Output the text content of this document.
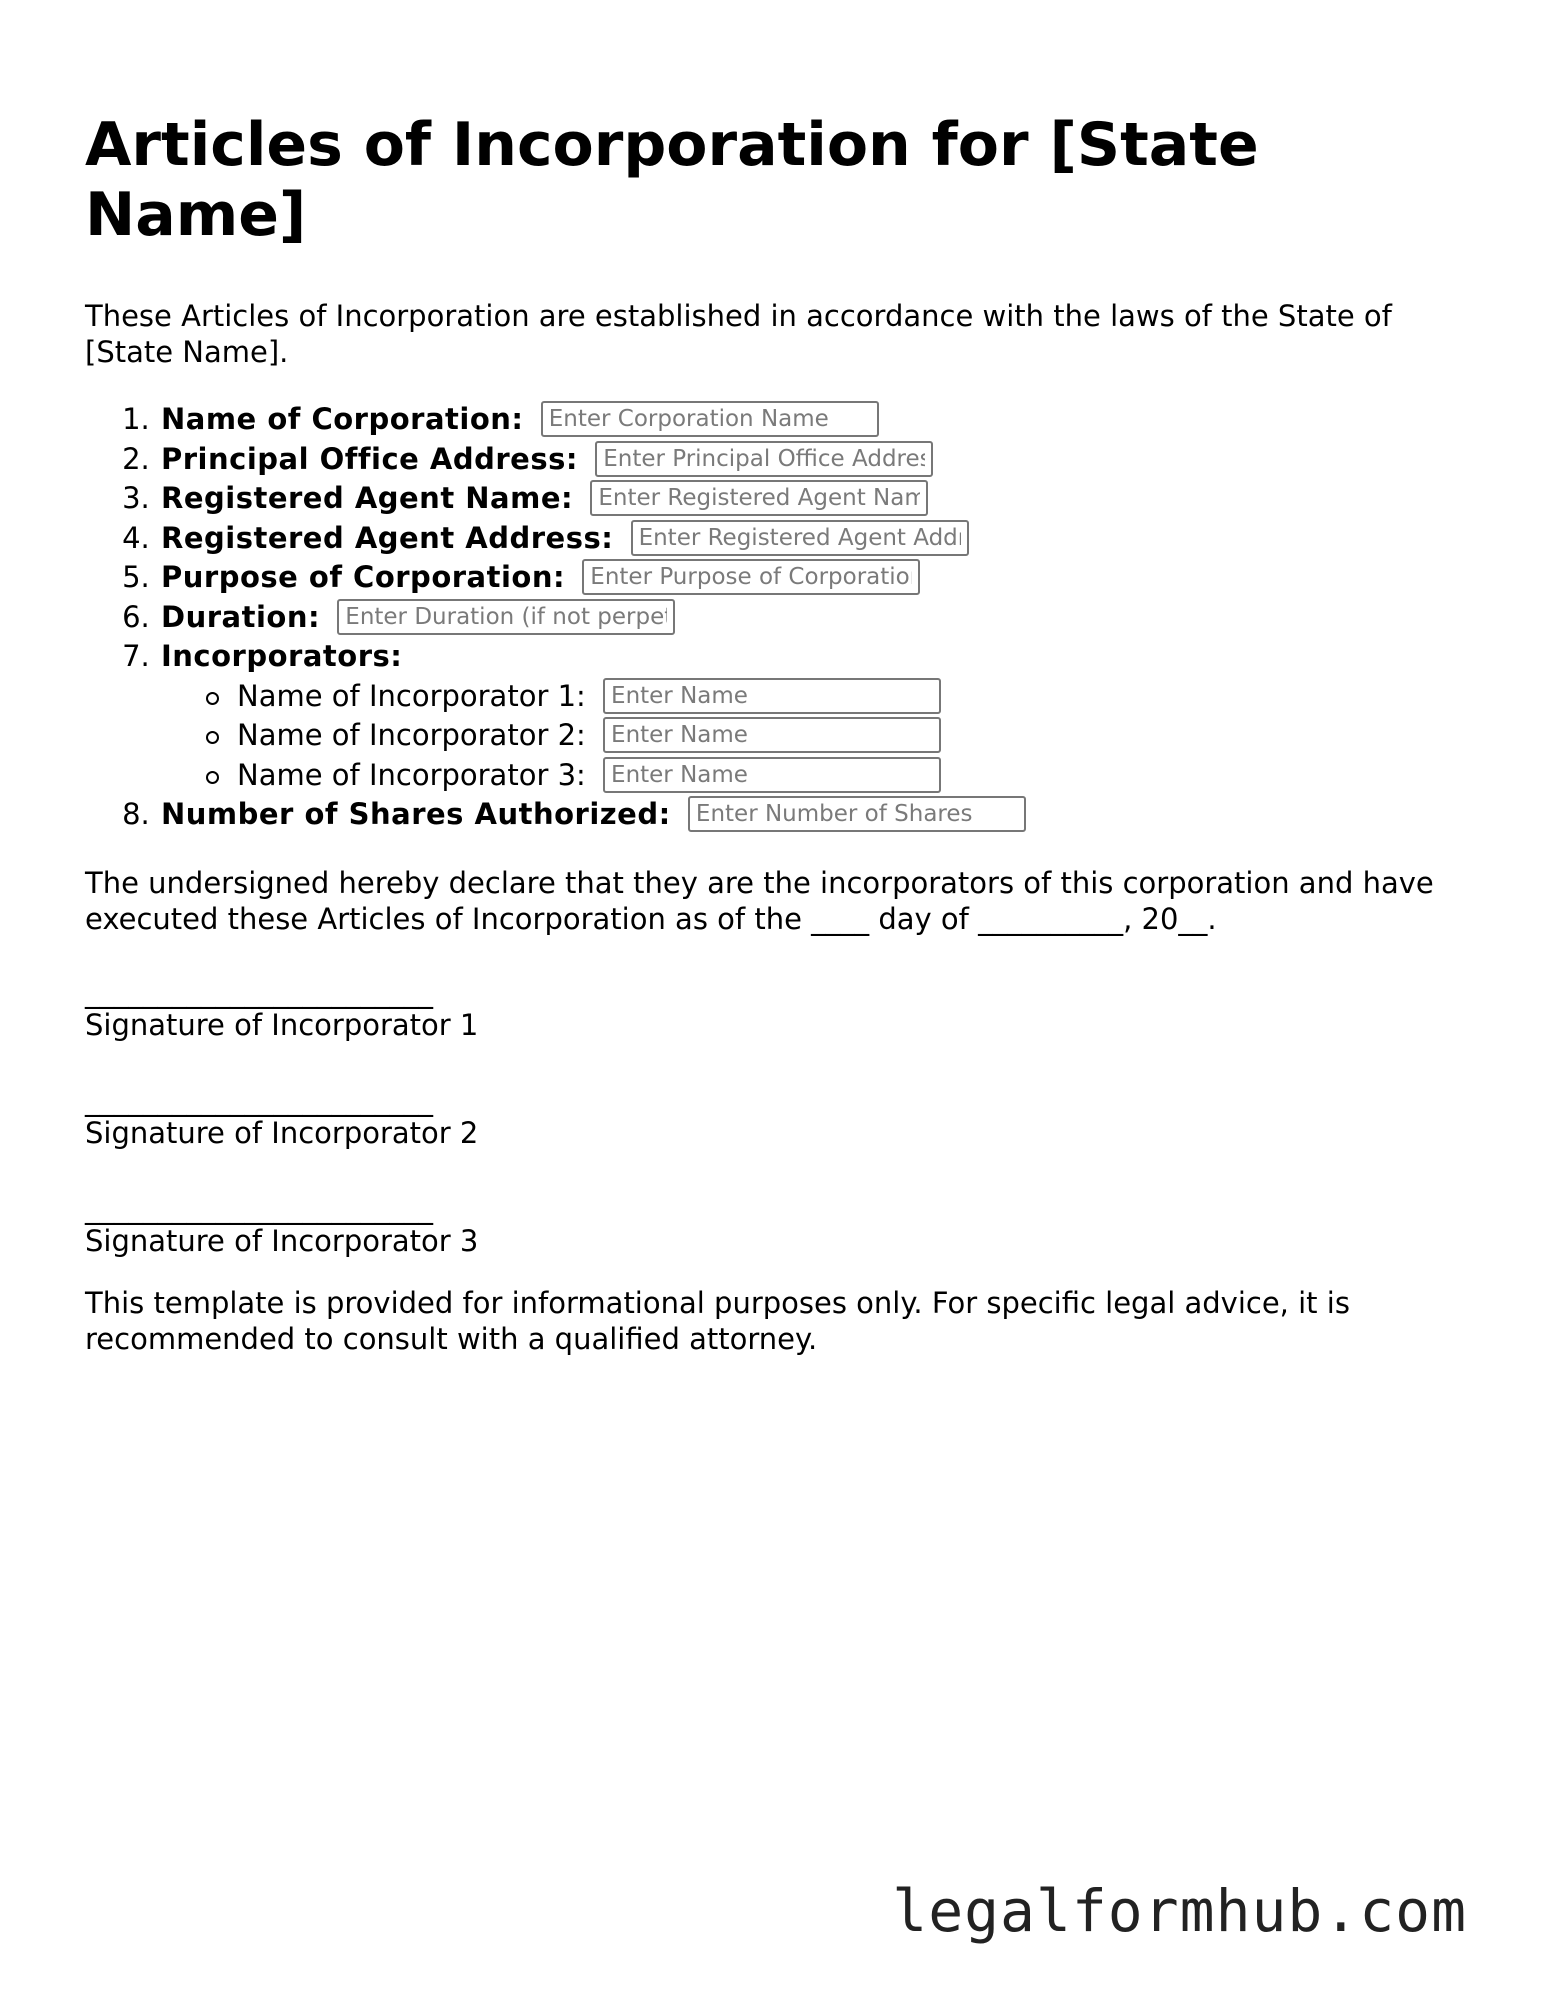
Articles of Incorporation for [State Name]

These Articles of Incorporation are established in accordance with the laws of the State of [State Name].

1. Name of Corporation: Enter Corporation Name
2. Principal Office Address: Enter Principal Office Address
3. Registered Agent Name: Enter Registered Agent Name
4. Registered Agent Address: Enter Registered Agent Address
5. Purpose of Corporation: Enter Purpose of Corporation
6. Duration: Enter Duration (if not perpetual)
7. Incorporators:
Name of Incorporator 1: Enter Name
Name of Incorporator 2: Enter Name
Name of Incorporator 3: Enter Name
8. Number of Shares Authorized: Enter Number of Shares

The undersigned hereby declare that they are the incorporators of this corporation and have executed these Articles of Incorporation as of the ____ day of __________, 20__.

________________________
Signature of Incorporator 1
________________________
Signature of Incorporator 2
________________________
Signature of Incorporator 3

This template is provided for informational purposes only. For specific legal advice, it is recommended to consult with a qualified attorney.

legalformhub.com
